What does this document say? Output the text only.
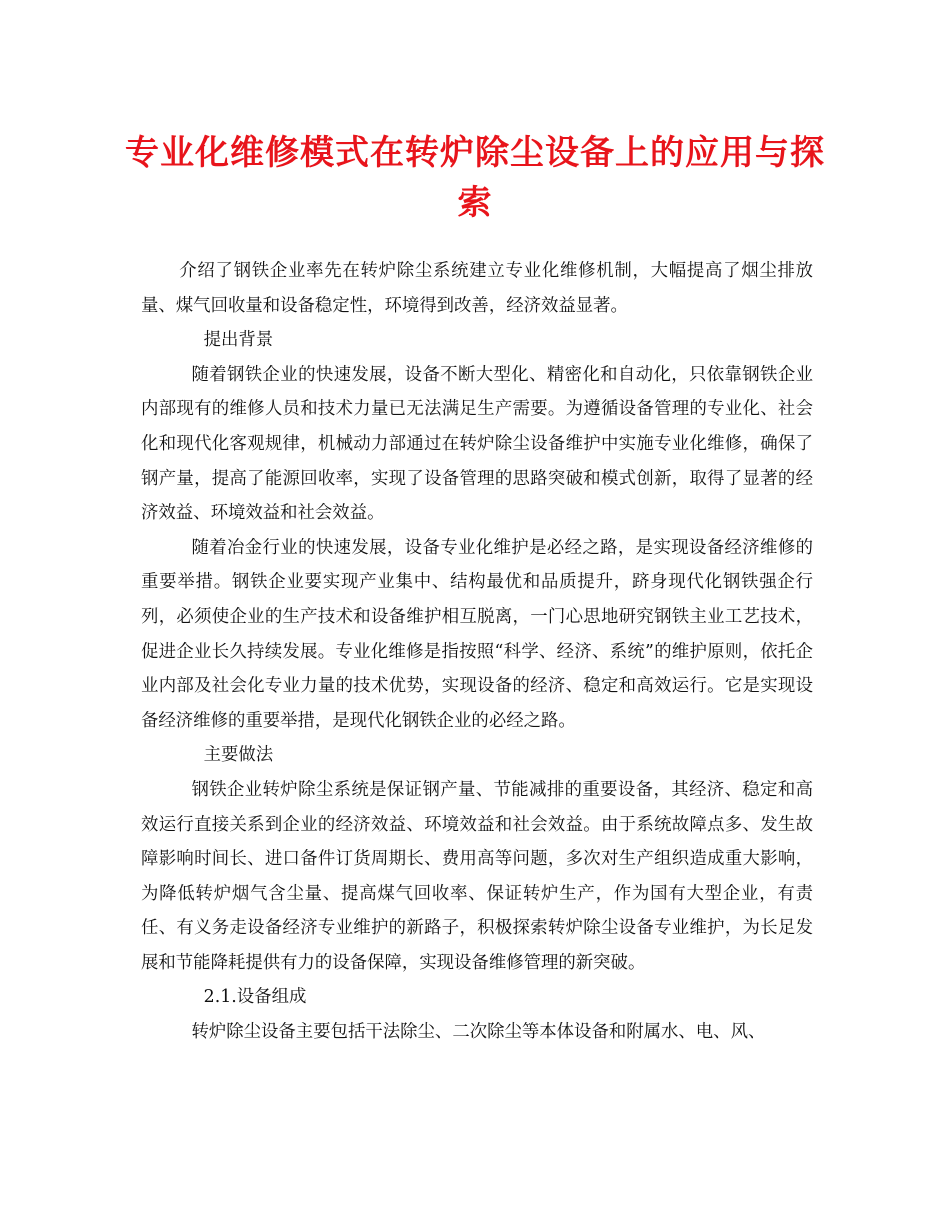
专业化维修模式在转炉除尘设备上的应用与探索

介绍了钢铁企业率先在转炉除尘系统建立专业化维修机制，大幅提高了烟尘排放量、煤气回收量和设备稳定性，环境得到改善，经济效益显著。

提出背景

随着钢铁企业的快速发展，设备不断大型化、精密化和自动化，只依靠钢铁企业内部现有的维修人员和技术力量已无法满足生产需要。为遵循设备管理的专业化、社会化和现代化客观规律，机械动力部通过在转炉除尘设备维护中实施专业化维修，确保了钢产量，提高了能源回收率，实现了设备管理的思路突破和模式创新，取得了显著的经济效益、环境效益和社会效益。

随着冶金行业的快速发展，设备专业化维护是必经之路，是实现设备经济维修的重要举措。钢铁企业要实现产业集中、结构最优和品质提升，跻身现代化钢铁强企行列，必须使企业的生产技术和设备维护相互脱离，一门心思地研究钢铁主业工艺技术，促进企业长久持续发展。专业化维修是指按照“科学、经济、系统”的维护原则，依托企业内部及社会化专业力量的技术优势，实现设备的经济、稳定和高效运行。它是实现设备经济维修的重要举措，是现代化钢铁企业的必经之路。

主要做法

钢铁企业转炉除尘系统是保证钢产量、节能减排的重要设备，其经济、稳定和高效运行直接关系到企业的经济效益、环境效益和社会效益。由于系统故障点多、发生故障影响时间长、进口备件订货周期长、费用高等问题，多次对生产组织造成重大影响，为降低转炉烟气含尘量、提高煤气回收率、保证转炉生产，作为国有大型企业，有责任、有义务走设备经济专业维护的新路子，积极探索转炉除尘设备专业维护，为长足发展和节能降耗提供有力的设备保障，实现设备维修管理的新突破。

2.1.设备组成

转炉除尘设备主要包括干法除尘、二次除尘等本体设备和附属水、电、风、
